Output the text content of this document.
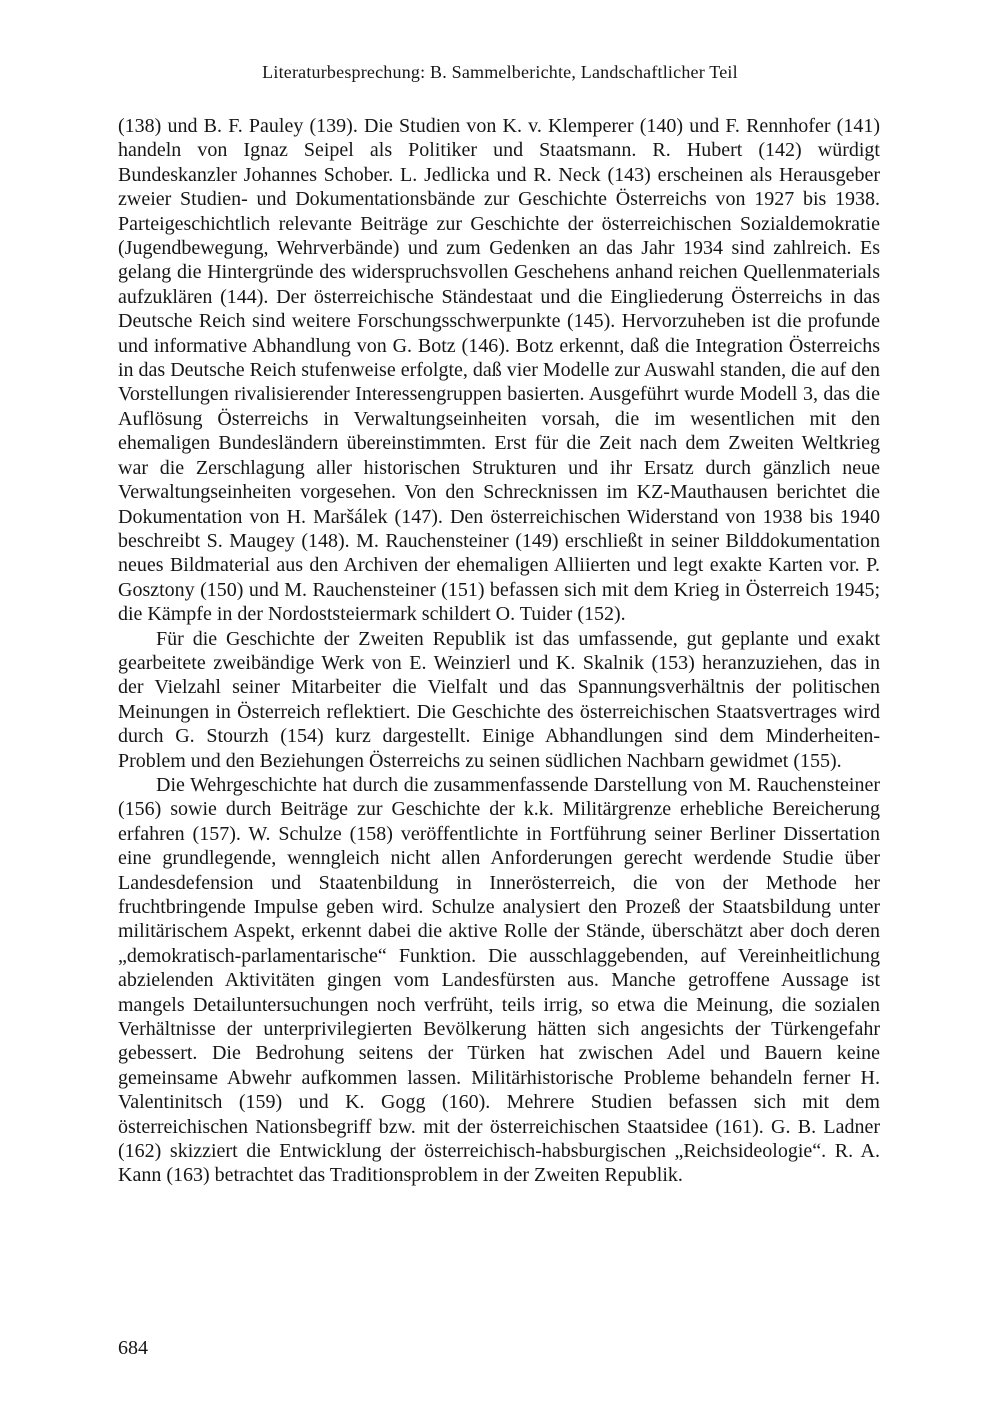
Literaturbesprechung: B. Sammelberichte, Landschaftlicher Teil

(138) und B. F. Pauley (139). Die Studien von K. v. Klemperer (140) und F. Rennhofer (141) handeln von Ignaz Seipel als Politiker und Staatsmann. R. Hubert (142) würdigt Bundeskanzler Johannes Schober. L. Jedlicka und R. Neck (143) erscheinen als Herausgeber zweier Studien- und Dokumentationsbände zur Geschichte Österreichs von 1927 bis 1938. Parteigeschichtlich relevante Beiträge zur Geschichte der österreichischen Sozialdemokratie (Jugendbewegung, Wehrverbände) und zum Gedenken an das Jahr 1934 sind zahlreich. Es gelang die Hintergründe des widerspruchsvollen Geschehens anhand reichen Quellenmaterials aufzuklären (144). Der österreichische Ständestaat und die Eingliederung Österreichs in das Deutsche Reich sind weitere Forschungsschwerpunkte (145). Hervorzuheben ist die profunde und informative Abhandlung von G. Botz (146). Botz erkennt, daß die Integration Österreichs in das Deutsche Reich stufenweise erfolgte, daß vier Modelle zur Auswahl standen, die auf den Vorstellungen rivalisierender Interessengruppen basierten. Ausgeführt wurde Modell 3, das die Auflösung Österreichs in Verwaltungseinheiten vorsah, die im wesentlichen mit den ehemaligen Bundesländern übereinstimmten. Erst für die Zeit nach dem Zweiten Weltkrieg war die Zerschlagung aller historischen Strukturen und ihr Ersatz durch gänzlich neue Verwaltungseinheiten vorgesehen. Von den Schrecknissen im KZ-Mauthausen berichtet die Dokumentation von H. Maršálek (147). Den österreichischen Widerstand von 1938 bis 1940 beschreibt S. Maugey (148). M. Rauchensteiner (149) erschließt in seiner Bilddokumentation neues Bildmaterial aus den Archiven der ehemaligen Alliierten und legt exakte Karten vor. P. Gosztony (150) und M. Rauchensteiner (151) befassen sich mit dem Krieg in Österreich 1945; die Kämpfe in der Nordoststeiermark schildert O. Tuider (152).

Für die Geschichte der Zweiten Republik ist das umfassende, gut geplante und exakt gearbeitete zweibändige Werk von E. Weinzierl und K. Skalnik (153) heranzuziehen, das in der Vielzahl seiner Mitarbeiter die Vielfalt und das Spannungsverhältnis der politischen Meinungen in Österreich reflektiert. Die Geschichte des österreichischen Staatsvertrages wird durch G. Stourzh (154) kurz dargestellt. Einige Abhandlungen sind dem Minderheiten-Problem und den Beziehungen Österreichs zu seinen südlichen Nachbarn gewidmet (155).

Die Wehrgeschichte hat durch die zusammenfassende Darstellung von M. Rauchensteiner (156) sowie durch Beiträge zur Geschichte der k.k. Militärgrenze erhebliche Bereicherung erfahren (157). W. Schulze (158) veröffentlichte in Fortführung seiner Berliner Dissertation eine grundlegende, wenngleich nicht allen Anforderungen gerecht werdende Studie über Landesdefension und Staatenbildung in Innerösterreich, die von der Methode her fruchtbringende Impulse geben wird. Schulze analysiert den Prozeß der Staatsbildung unter militärischem Aspekt, erkennt dabei die aktive Rolle der Stände, überschätzt aber doch deren „demokratisch-parlamentarische“ Funktion. Die ausschlaggebenden, auf Vereinheitlichung abzielenden Aktivitäten gingen vom Landesfürsten aus. Manche getroffene Aussage ist mangels Detailuntersuchungen noch verfrüht, teils irrig, so etwa die Meinung, die sozialen Verhältnisse der unterprivilegierten Bevölkerung hätten sich angesichts der Türkengefahr gebessert. Die Bedrohung seitens der Türken hat zwischen Adel und Bauern keine gemeinsame Abwehr aufkommen lassen. Militärhistorische Probleme behandeln ferner H. Valentinitsch (159) und K. Gogg (160). Mehrere Studien befassen sich mit dem österreichischen Nationsbegriff bzw. mit der österreichischen Staatsidee (161). G. B. Ladner (162) skizziert die Entwicklung der österreichisch-habsburgischen „Reichsideologie“. R. A. Kann (163) betrachtet das Traditionsproblem in der Zweiten Republik.

684
